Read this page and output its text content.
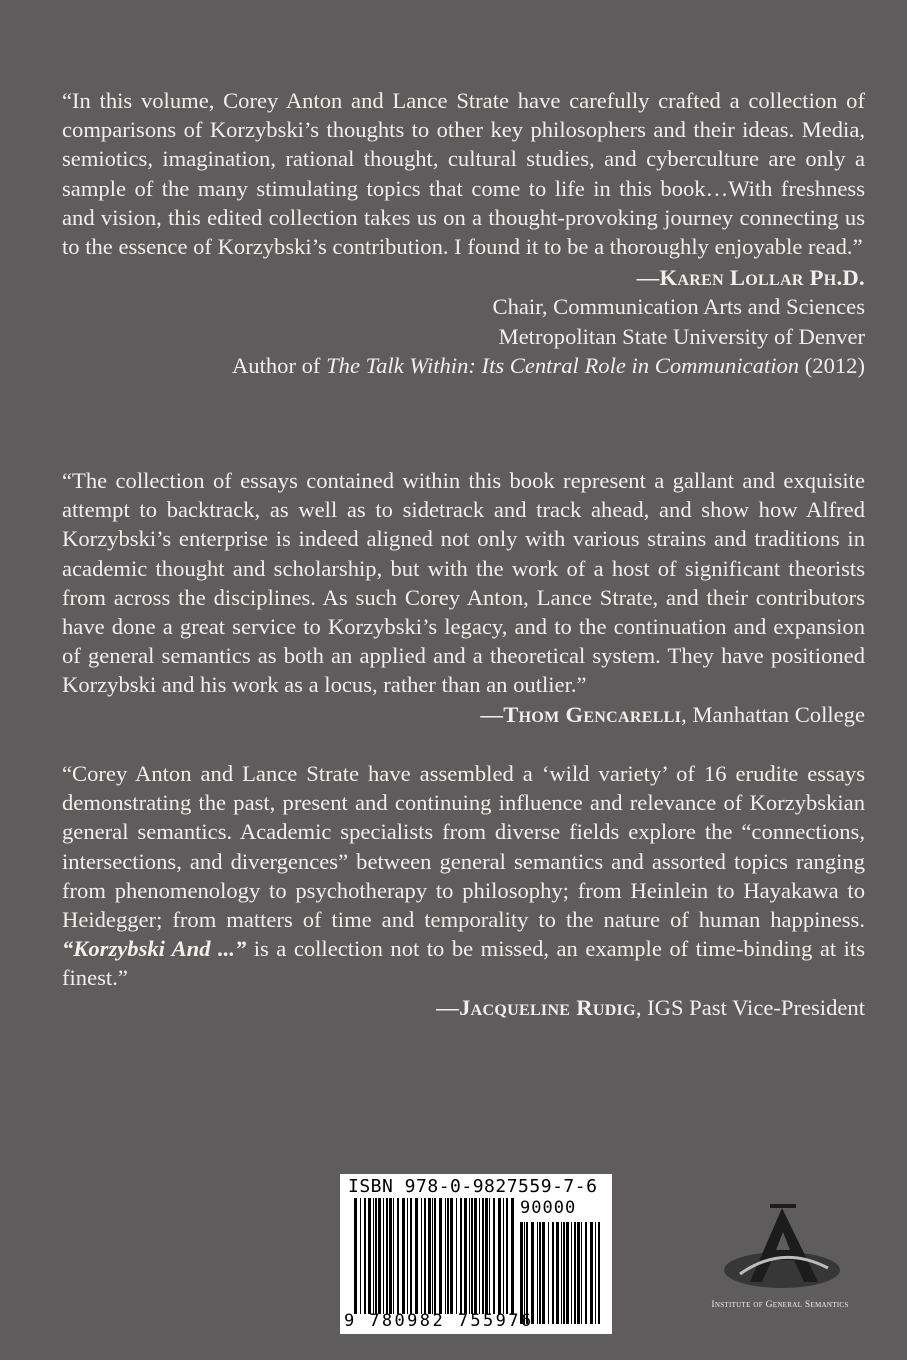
“In this volume, Corey Anton and Lance Strate have carefully crafted a collection of comparisons of Korzybski’s thoughts to other key philosophers and their ideas. Media, semiotics, imagination, rational thought, cultural studies, and cyberculture are only a sample of the many stimulating topics that come to life in this book…With freshness and vision, this edited collection takes us on a thought-provoking journey connecting us to the essence of Korzybski’s contribution. I found it to be a thoroughly enjoyable read.”

—Karen Lollar Ph.D.
Chair, Communication Arts and Sciences
Metropolitan State University of Denver
Author of The Talk Within: Its Central Role in Communication (2012)

“The collection of essays contained within this book represent a gallant and exquisite attempt to backtrack, as well as to sidetrack and track ahead, and show how Alfred Korzybski’s enterprise is indeed aligned not only with various strains and traditions in academic thought and scholarship, but with the work of a host of significant theorists from across the disciplines. As such Corey Anton, Lance Strate, and their contributors have done a great service to Korzybski’s legacy, and to the continuation and expansion of general semantics as both an applied and a theoretical system. They have positioned Korzybski and his work as a locus, rather than an outlier.”

—Thom Gencarelli, Manhattan College

“Corey Anton and Lance Strate have assembled a ‘wild variety’ of 16 erudite essays demonstrating the past, present and continuing influence and relevance of Korzybskian general semantics. Academic specialists from diverse fields explore the “connections, intersections, and divergences” between general semantics and assorted topics ranging from phenomenology to psychotherapy to philosophy; from Heinlein to Hayakawa to Heidegger; from matters of time and temporality to the nature of human happiness. “Korzybski And ...” is a collection not to be missed, an example of time-binding at its finest.”

—Jacqueline Rudig, IGS Past Vice-President
ISBN 978-0-9827559-7-6
90000
9 780982 755976
Institute of General Semantics
